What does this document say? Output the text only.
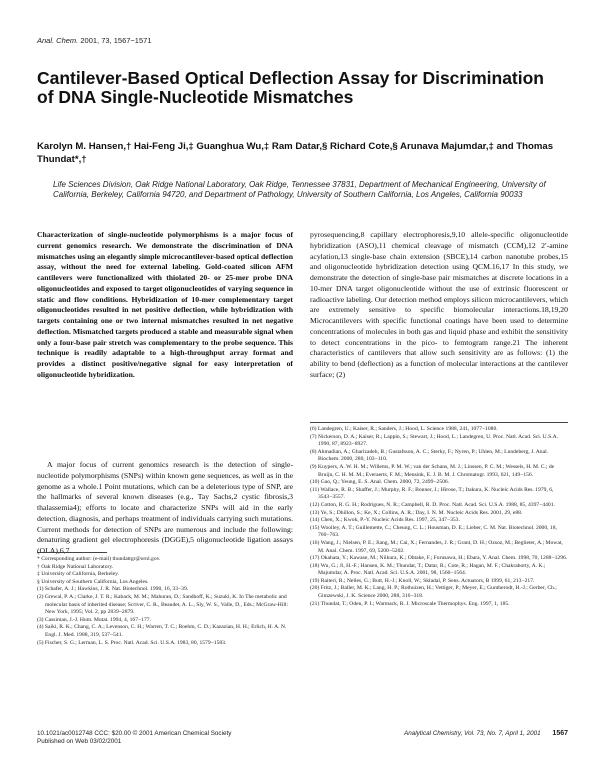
Anal. Chem. 2001, 73, 1567−1571
Cantilever-Based Optical Deflection Assay for Discrimination of DNA Single-Nucleotide Mismatches
Karolyn M. Hansen,† Hai-Feng Ji,‡ Guanghua Wu,‡ Ram Datar,§ Richard Cote,§ Arunava Majumdar,‡ and Thomas Thundat*,†
Life Sciences Division, Oak Ridge National Laboratory, Oak Ridge, Tennessee 37831, Department of Mechanical Engineering, University of California, Berkeley, California 94720, and Department of Pathology, University of Southern California, Los Angeles, California 90033

Characterization of single-nucleotide polymorphisms is a major focus of current genomics research. We demonstrate the discrimination of DNA mismatches using an elegantly simple microcantilever-based optical deflection assay, without the need for external labeling. Gold-coated silicon AFM cantilevers were functionalized with thiolated 20- or 25-mer probe DNA oligonucleotides and exposed to target oligonucleotides of varying sequence in static and flow conditions. Hybridization of 10-mer complementary target oligonucleotides resulted in net positive deflection, while hybridization with targets containing one or two internal mismatches resulted in net negative deflection. Mismatched targets produced a stable and measurable signal when only a four-base pair stretch was complementary to the probe sequence. This technique is readily adaptable to a high-throughput array format and provides a distinct positive/negative signal for easy interpretation of oligonucleotide hybridization.

A major focus of current genomics research is the detection of single-nucleotide polymorphisms (SNPs) within known gene sequences, as well as in the genome as a whole.1 Point mutations, which can be a deleterious type of SNP, are the hallmarks of several known diseases (e.g., Tay Sachs,2 cystic fibrosis,3 thalassemia4); efforts to locate and characterize SNPs will aid in the early detection, diagnosis, and perhaps treatment of individuals carrying such mutations. Current methods for detection of SNPs are numerous and include the following: denaturing gradient gel electrophoresis (DGGE),5 oligonucleotide ligation assays (OLA),6,7

pyrosequencing,8 capillary electrophoresis,9,10 allele-specific oligonucleotide hybridization (ASO),11 chemical cleavage of mismatch (CCM),12 2′-amine acylation,13 single-base chain extension (SBCE),14 carbon nanotube probes,15 and oligonucleotide hybridization detection using QCM.16,17 In this study, we demonstrate the detection of single-base pair mismatches at discrete locations in a 10-mer DNA target oligonucleotide without the use of extrinsic fluorescent or radioactive labeling. Our detection method employs silicon microcantilevers, which are extremely sensitive to specific biomolecular interactions.18,19,20 Microcantilevers with specific functional coatings have been used to determine concentrations of molecules in both gas and liquid phase and exhibit the sensitivity to detect concentrations in the pico- to femtogram range.21 The inherent characteristics of cantilevers that allow such sensitivity are as follows: (1) the ability to bend (deflection) as a function of molecular interactions at the cantilever surface; (2)

* Corresponding author: (e-mail) thundattgr@ornl.gov.

† Oak Ridge National Laboratory.

‡ University of California, Berkeley.

§ University of Southern California, Los Angeles.

(1) Schafer, A. J.; Hawkins, J. R. Nat. Biotechnol. 1998, 16, 33−39.

(2) Grewal, P. A.; Clarke, J. T. R.; Kaback, M. M.; Mahuran, D.; Sandhoff, K.; Suzuki, K. In The metabolic and molecular basis of inherited disease; Scriver, C. R., Beaudet, A. L., Sly, W. S., Valle, D., Eds.; McGraw-Hill: New York, 1995; Vol. 2, pp 2839−2879.

(3) Cassiman, J.-J. Hum. Mutat. 1994, 4, 167−177.

(4) Saiki, R. K.; Chang, C. A.; Levenson, C. H.; Warren, T. C.; Boehm, C. D.; Kazazian, H. H.; Erlich, H. A. N. Engl. J. Med. 1988, 319, 537−541.

(5) Fischer, S. G.; Lerman, L. S. Proc. Natl. Acad. Sci. U.S.A. 1983, 80, 1579−1583.

(6) Landegren, U.; Kaiser, R.; Sanders, J.; Hood, L. Science 1988, 241, 1077−1080.

(7) Nickerson, D. A.; Kaiser, R.; Lappin, S.; Stewart, J.; Hood, L.; Landegren, U. Proc. Natl. Acad. Sci. U.S.A. 1990, 87, 8923−8927.

(8) Ahmadian, A.; Gharizadeh, B.; Gustafsson, A. C.; Sterky, F.; Nyren, P.; Uhlen, M.; Lundeberg, J. Anal. Biochem. 2000, 280, 103−110.

(9) Kuypers, A. W. H. M.; Willems, P. M. W.; van der Schans, M. J.; Linssen, P. C. M.; Wessels, H. M. C.; de Bruijn, C. H. M. M.; Everaerts, F. M.; Mensink, E. J. B. M. J. Chromatogr. 1993, 621, 149−156.

(10) Gao, Q.; Yeung, E. S. Anal. Chem. 2000, 72, 2499−2506.

(11) Wallace, R. B.; Shaffer, J.; Murphy, R. F.; Bonner, J.; Hirose, T.; Itakura, K. Nucleic Acids Res. 1979, 6, 3543−3557.

(12) Cotton, R. G. H.; Rodrigues, N. R.; Campbell, R. D. Proc. Natl. Acad. Sci. U.S.A. 1988, 85, 4397−4401.

(13) Ye, S.; Dhillon, S.; Ke, X.; Collins, A. R.; Day, I. N. M. Nucleic Acids Res. 2001, 29, e88.

(14) Chen, X.; Kwok, P.-Y. Nucleic Acids Res. 1997, 25, 347−353.

(15) Woolley, A. T.; Guillemette, C.; Cheung, C. L.; Housman, D. E.; Lieber, C. M. Nat. Biotechnol. 2000, 18, 760−763.

(16) Wang, J.; Nielsen, P. E.; Jiang, M.; Cai, X.; Fernandes, J. R.; Grant, D. H.; Ozsoz, M.; Beglieter, A.; Mowat, M. Anal. Chem. 1997, 69, 5200−5202.

(17) Okahata, Y.; Kawase, M.; Niikura, K.; Ohtake, F.; Furusawa, H.; Ebara, Y. Anal. Chem. 1998, 70, 1288−1296.

(18) Wu, G.; Ji, H.-F.; Hansen, K. M.; Thundat, T.; Datar, R.; Cote, R.; Hagan, M. F.; Chakraborty, A. K.; Majumdar, A. Proc. Natl. Acad. Sci. U.S.A. 2001, 98, 1560−1564.

(19) Raiteri, R.; Nelles, G.; Butt, H.-J.; Knoll, W.; Skladal, P. Sens. Actuators, B 1999, 61, 213−217.

(20) Fritz, J.; Baller, M. K.; Lang, H. P.; Rothuizen, H.; Vettiger, P.; Meyer, E.; Guntherodt, H.-J.; Gerber, Ch.; Gimzewski, J. K. Science 2000, 288, 316−318.

(21) Thundat, T.; Oden, P. I.; Warmack, R. J. Microscale Thermophys. Eng. 1997, 1, 185.

10.1021/ac0012748 CCC: $20.00 © 2001 American Chemical Society
Published on Web 03/02/2001
Analytical Chemistry, Vol. 73, No. 7, April 1, 2001 1567
